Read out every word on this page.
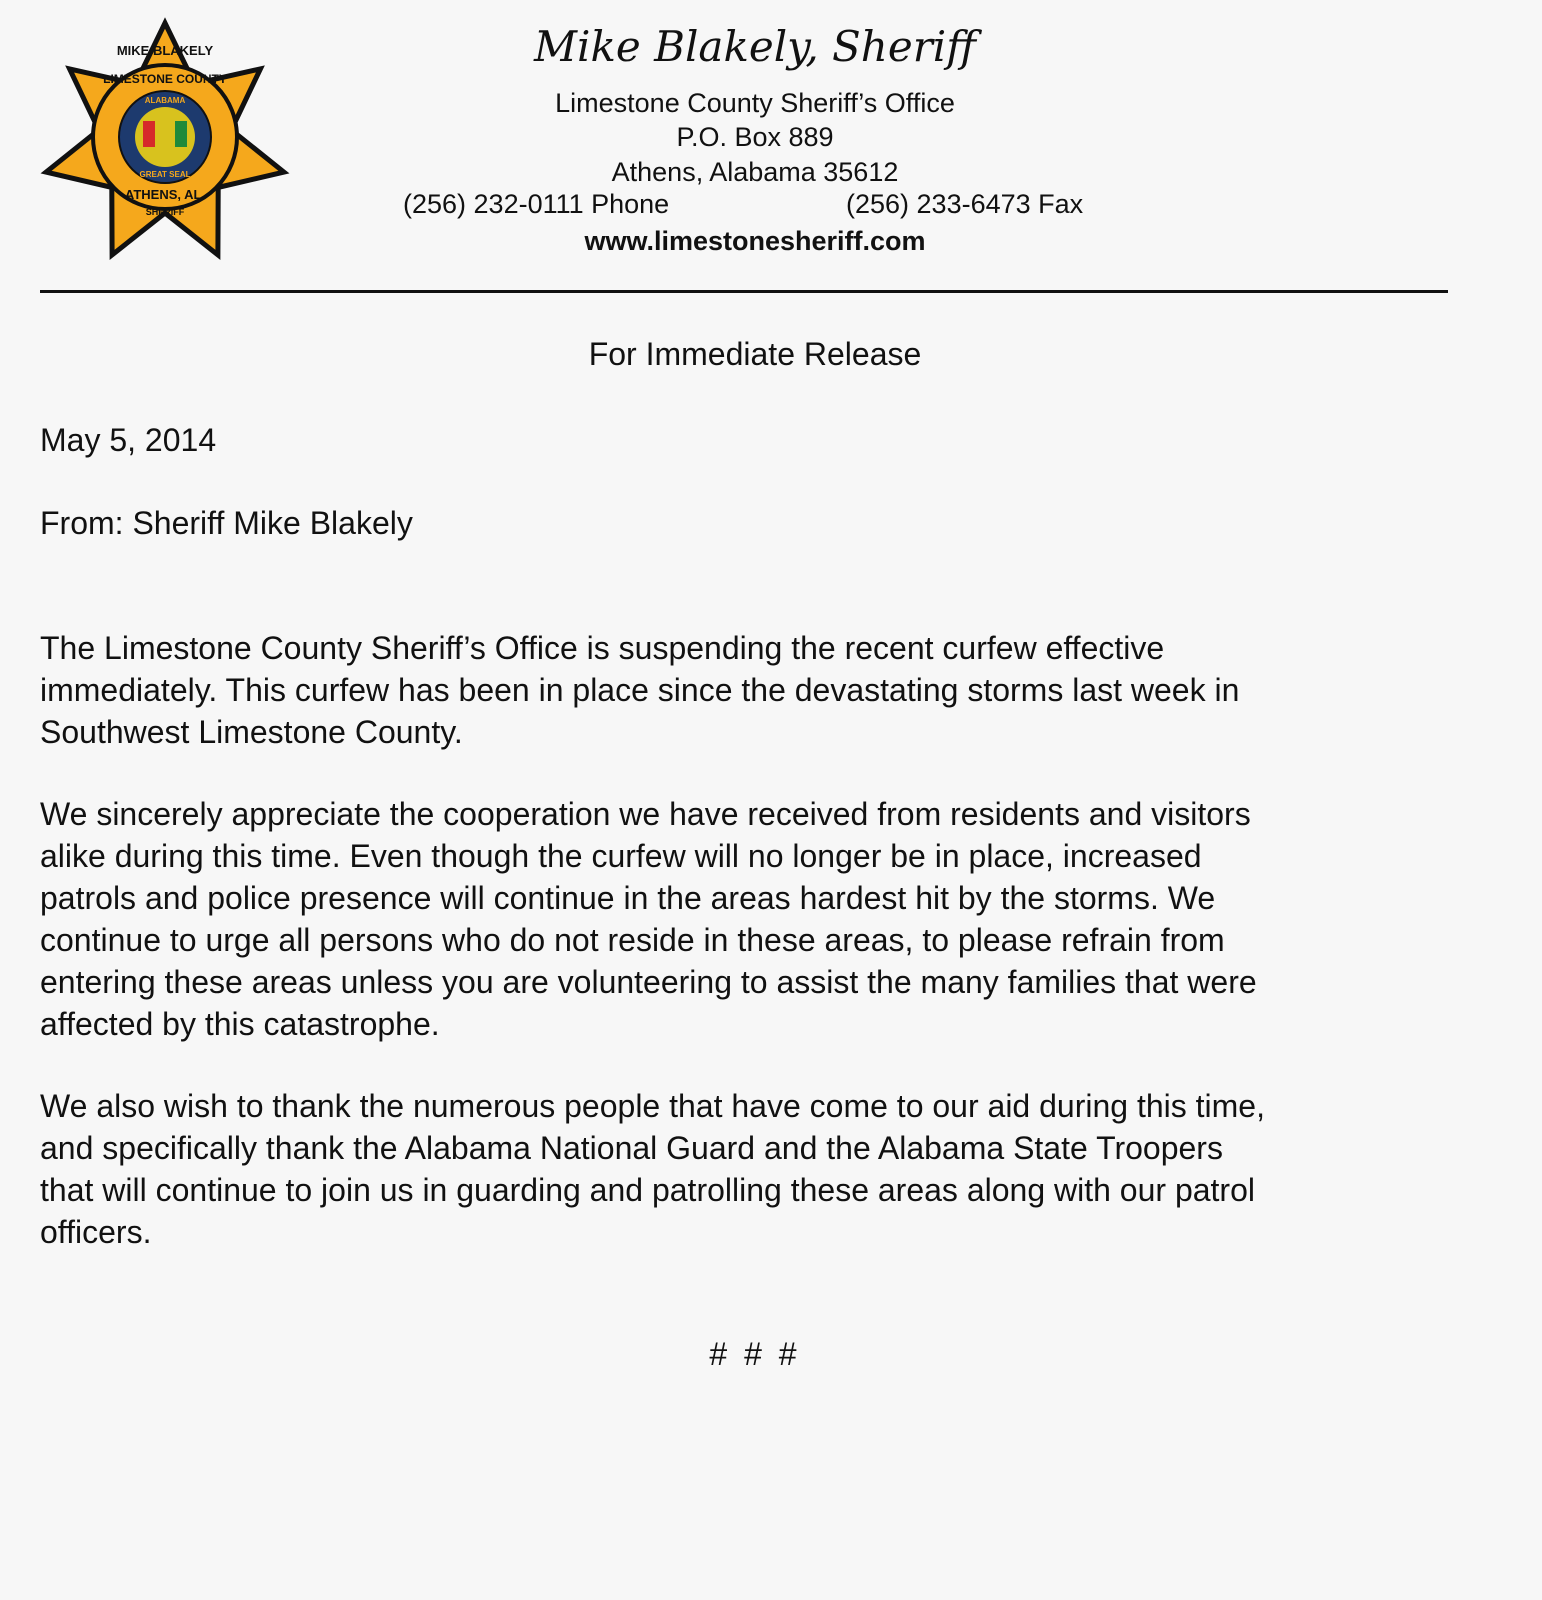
MIKE BLAKELY
LIMESTONE COUNTY
ALABAMA
GREAT SEAL
ATHENS, AL.
SHERIFF
Mike Blakely, Sheriff
Limestone County Sheriff’s Office
P.O. Box 889
Athens, Alabama 35612
(256) 232-0111 Phone	(256) 233-6473 Fax
www.limestonesheriff.com
For Immediate Release
May 5, 2014
From: Sheriff Mike Blakely
The Limestone County Sheriff’s Office is suspending the recent curfew effective
immediately. This curfew has been in place since the devastating storms last week in
Southwest Limestone County.
We sincerely appreciate the cooperation we have received from residents and visitors
alike during this time. Even though the curfew will no longer be in place, increased
patrols and police presence will continue in the areas hardest hit by the storms. We
continue to urge all persons who do not reside in these areas, to please refrain from
entering these areas unless you are volunteering to assist the many families that were
affected by this catastrophe.
We also wish to thank the numerous people that have come to our aid during this time,
and specifically thank the Alabama National Guard and the Alabama State Troopers
that will continue to join us in guarding and patrolling these areas along with our patrol
officers.
# # #
